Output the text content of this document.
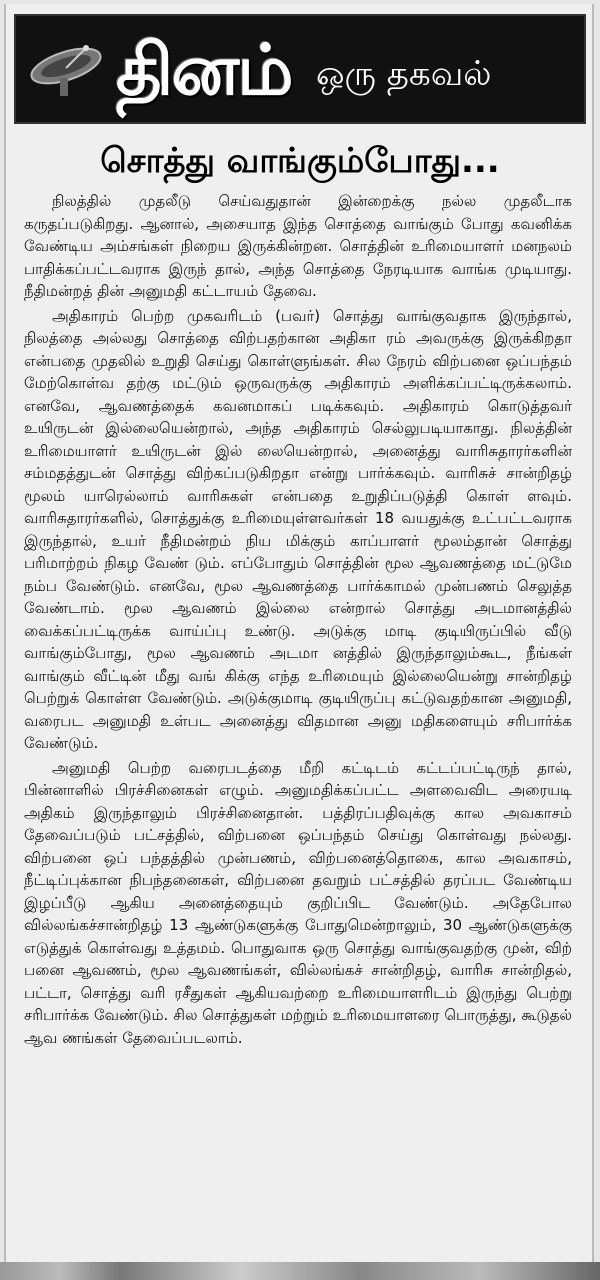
தினம் ஒரு தகவல்
சொத்து வாங்கும்போது...

நிலத்தில் முதலீடு செய்வதுதான் இன்றைக்கு நல்ல முதலீடாக கருதப்படுகிறது. ஆனால், அசையாத இந்த சொத்தை வாங்கும் போது கவனிக்க வேண்டிய அம்சங்கள் நிறைய இருக்கின்றன. சொத்தின் உரிமையாளர் மனநலம் பாதிக்கப்பட்டவராக இருந் தால், அந்த சொத்தை நேரடியாக வாங்க முடியாது. நீதிமன்றத் தின் அனுமதி கட்டாயம் தேவை.

அதிகாரம் பெற்ற முகவரிடம் (பவர்) சொத்து வாங்குவதாக இருந்தால், நிலத்தை அல்லது சொத்தை விற்பதற்கான அதிகா ரம் அவருக்கு இருக்கிறதா என்பதை முதலில் உறுதி செய்து கொள்ளுங்கள். சில நேரம் விற்பனை ஒப்பந்தம் மேற்கொள்வ தற்கு மட்டும் ஒருவருக்கு அதிகாரம் அளிக்கப்பட்டிருக்கலாம். எனவே, ஆவணத்தைக் கவனமாகப் படிக்கவும். அதிகாரம் கொடுத்தவர் உயிருடன் இல்லையென்றால், அந்த அதிகாரம் செல்லுபடியாகாது. நிலத்தின் உரிமையாளர் உயிருடன் இல் லையென்றால், அனைத்து வாரிசுதாரர்களின் சம்மதத்துடன் சொத்து விற்கப்படுகிறதா என்று பார்க்கவும். வாரிசுச் சான்றிதழ் மூலம் யாரெல்லாம் வாரிசுகள் என்பதை உறுதிப்படுத்தி கொள் ளவும். வாரிசுதாரர்களில், சொத்துக்கு உரிமையுள்ளவர்கள் 18 வயதுக்கு உட்பட்டவராக இருந்தால், உயர் நீதிமன்றம் நிய மிக்கும் காப்பாளர் மூலம்தான் சொத்து பரிமாற்றம் நிகழ வேண் டும். எப்போதும் சொத்தின் மூல ஆவணத்தை மட்டுமே நம்ப வேண்டும். எனவே, மூல ஆவணத்தை பார்க்காமல் முன்பணம் செலுத்த வேண்டாம். மூல ஆவணம் இல்லை என்றால் சொத்து அடமானத்தில் வைக்கப்பட்டிருக்க வாய்ப்பு உண்டு. அடுக்கு மாடி குடியிருப்பில் வீடு வாங்கும்போது, மூல ஆவணம் அடமா னத்தில் இருந்தாலும்கூட, நீங்கள் வாங்கும் வீட்டின் மீது வங் கிக்கு எந்த உரிமையும் இல்லையென்று சான்றிதழ் பெற்றுக் கொள்ள வேண்டும். அடுக்குமாடி குடியிருப்பு கட்டுவதற்கான அனுமதி, வரைபட அனுமதி உள்பட அனைத்து விதமான அனு மதிகளையும் சரிபார்க்க வேண்டும்.

அனுமதி பெற்ற வரைபடத்தை மீறி கட்டிடம் கட்டப்பட்டிருந் தால், பின்னாளில் பிரச்சினைகள் எழும். அனுமதிக்கப்பட்ட அளவைவிட அரையடி அதிகம் இருந்தாலும் பிரச்சினைதான். பத்திரப்பதிவுக்கு கால அவகாசம் தேவைப்படும் பட்சத்தில், விற்பனை ஒப்பந்தம் செய்து கொள்வது நல்லது. விற்பனை ஒப் பந்தத்தில் முன்பணம், விற்பனைத்தொகை, கால அவகாசம், நீட்டிப்புக்கான நிபந்தனைகள், விற்பனை தவறும் பட்சத்தில் தரப்பட வேண்டிய இழப்பீடு ஆகிய அனைத்தையும் குறிப்பிட வேண்டும். அதேபோல வில்லங்கச்சான்றிதழ் 13 ஆண்டுகளுக்கு போதுமென்றாலும், 30 ஆண்டுகளுக்கு எடுத்துக் கொள்வது உத்தமம். பொதுவாக ஒரு சொத்து வாங்குவதற்கு முன், விற் பனை ஆவணம், மூல ஆவணங்கள், வில்லங்கச் சான்றிதழ், வாரிசு சான்றிதல், பட்டா, சொத்து வரி ரசீதுகள் ஆகியவற்றை உரிமையாளரிடம் இருந்து பெற்று சரிபார்க்க வேண்டும். சில சொத்துகள் மற்றும் உரிமையாளரை பொருத்து, கூடுதல் ஆவ ணங்கள் தேவைப்படலாம்.
